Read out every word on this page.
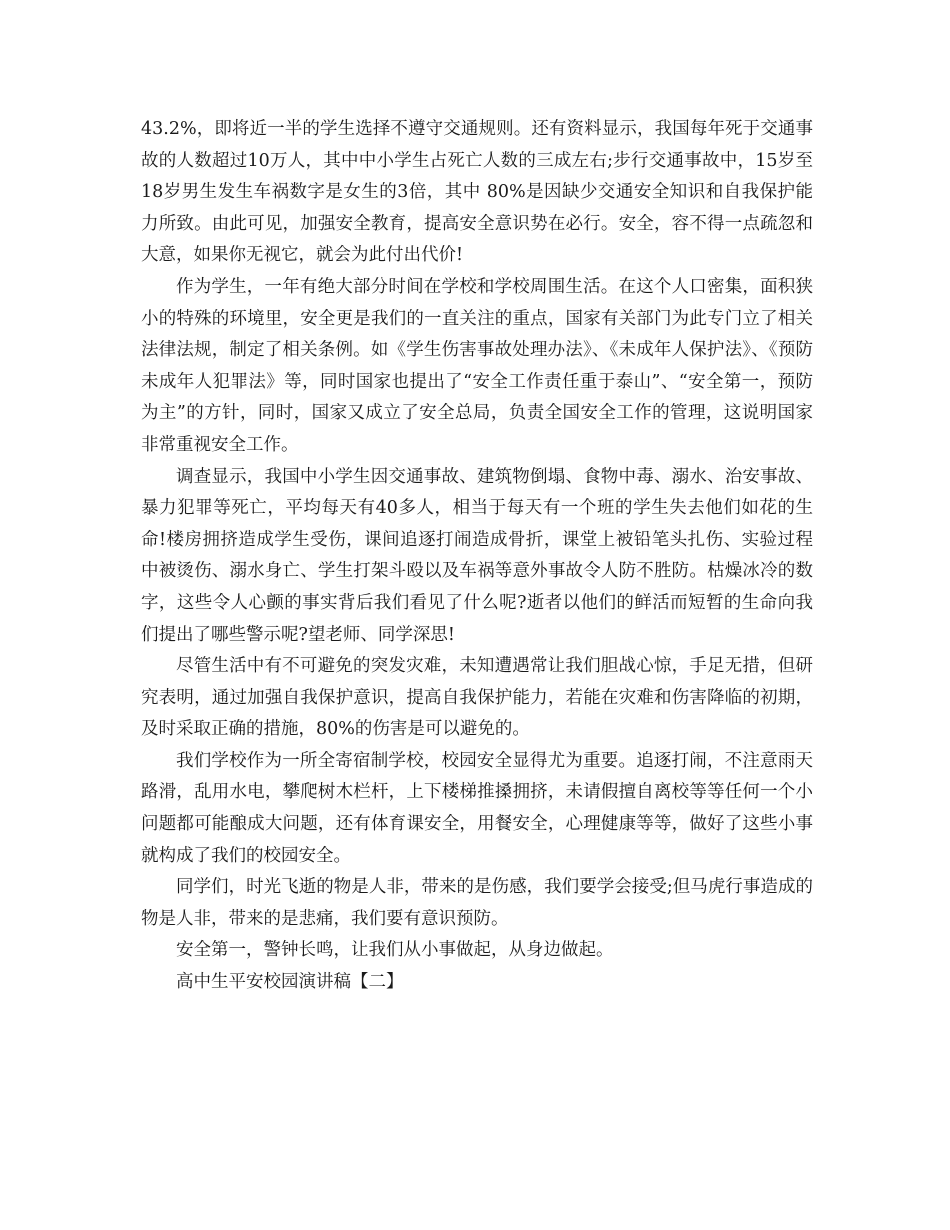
43.2%，即将近一半的学生选择不遵守交通规则。还有资料显示，我国每年死于交通事故的人数超过10万人，其中中小学生占死亡人数的三成左右;步行交通事故中，15岁至18岁男生发生车祸数字是女生的3倍，其中 80%是因缺少交通安全知识和自我保护能力所致。由此可见，加强安全教育，提高安全意识势在必行。安全，容不得一点疏忽和大意，如果你无视它，就会为此付出代价!

作为学生，一年有绝大部分时间在学校和学校周围生活。在这个人口密集，面积狭小的特殊的环境里，安全更是我们的一直关注的重点，国家有关部门为此专门立了相关法律法规，制定了相关条例。如《学生伤害事故处理办法》、《未成年人保护法》、《预防未成年人犯罪法》等，同时国家也提出了“安全工作责任重于泰山”、“安全第一，预防为主”的方针，同时，国家又成立了安全总局，负责全国安全工作的管理，这说明国家非常重视安全工作。

调查显示，我国中小学生因交通事故、建筑物倒塌、食物中毒、溺水、治安事故、暴力犯罪等死亡，平均每天有40多人，相当于每天有一个班的学生失去他们如花的生命!楼房拥挤造成学生受伤，课间追逐打闹造成骨折，课堂上被铅笔头扎伤、实验过程中被烫伤、溺水身亡、学生打架斗殴以及车祸等意外事故令人防不胜防。枯燥冰冷的数字，这些令人心颤的事实背后我们看见了什么呢?逝者以他们的鲜活而短暂的生命向我们提出了哪些警示呢?望老师、同学深思!

尽管生活中有不可避免的突发灾难，未知遭遇常让我们胆战心惊，手足无措，但研究表明，通过加强自我保护意识，提高自我保护能力，若能在灾难和伤害降临的初期，及时采取正确的措施，80%的伤害是可以避免的。

我们学校作为一所全寄宿制学校，校园安全显得尤为重要。追逐打闹，不注意雨天路滑，乱用水电，攀爬树木栏杆，上下楼梯推搡拥挤，未请假擅自离校等等任何一个小问题都可能酿成大问题，还有体育课安全，用餐安全，心理健康等等，做好了这些小事就构成了我们的校园安全。

同学们，时光飞逝的物是人非，带来的是伤感，我们要学会接受;但马虎行事造成的物是人非，带来的是悲痛，我们要有意识预防。

安全第一，警钟长鸣，让我们从小事做起，从身边做起。

高中生平安校园演讲稿【二】
